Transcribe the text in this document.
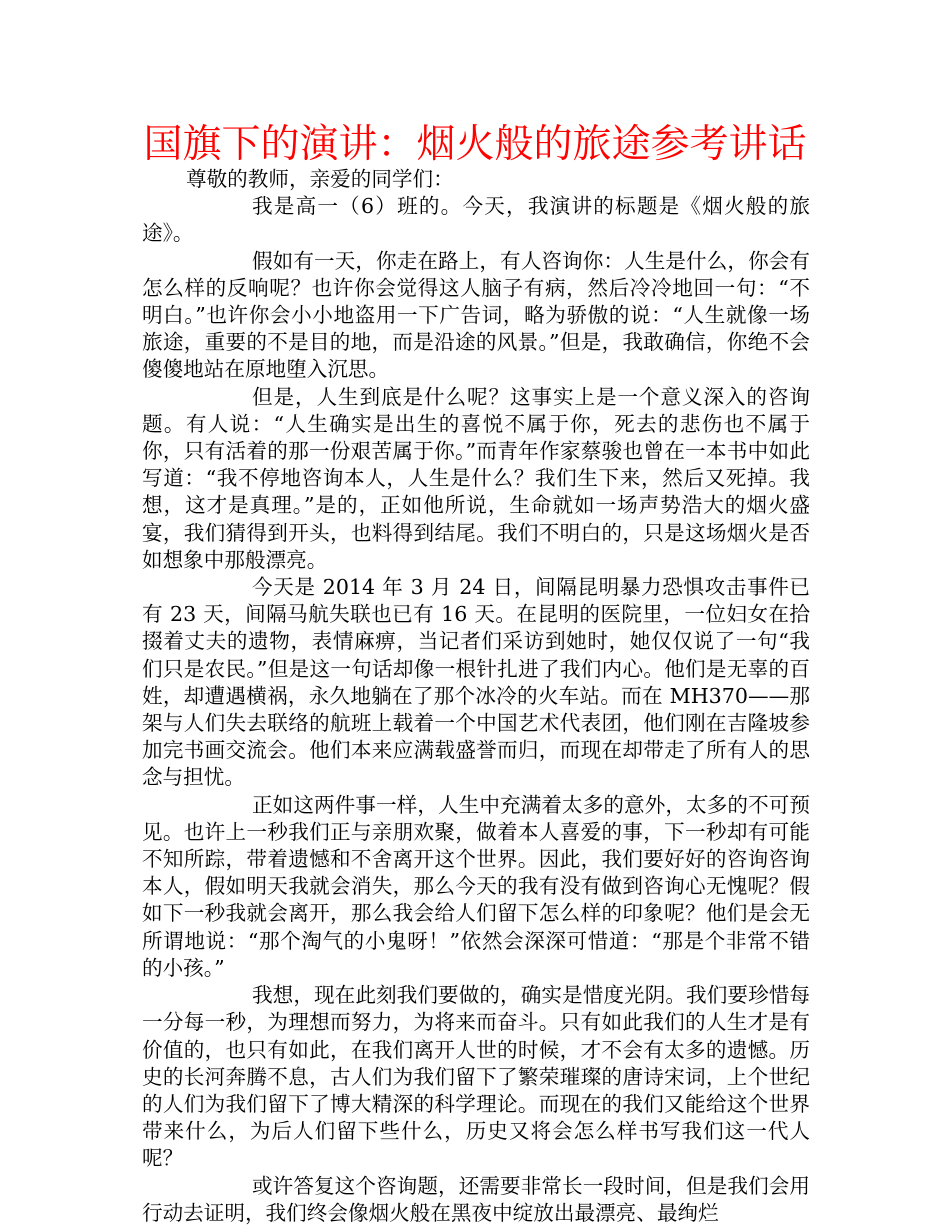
国旗下的演讲：烟火般的旅途参考讲话

尊敬的教师，亲爱的同学们：

我是高一（6）班的。今天，我演讲的标题是《烟火般的旅途》。

假如有一天，你走在路上，有人咨询你：人生是什么，你会有怎么样的反响呢？也许你会觉得这人脑子有病，然后冷冷地回一句：“不明白。”也许你会小小地盗用一下广告词，略为骄傲的说：“人生就像一场旅途，重要的不是目的地，而是沿途的风景。”但是，我敢确信，你绝不会傻傻地站在原地堕入沉思。

但是，人生到底是什么呢？这事实上是一个意义深入的咨询题。有人说：“人生确实是出生的喜悦不属于你，死去的悲伤也不属于你，只有活着的那一份艰苦属于你。”而青年作家蔡骏也曾在一本书中如此写道：“我不停地咨询本人，人生是什么？我们生下来，然后又死掉。我想，这才是真理。”是的，正如他所说，生命就如一场声势浩大的烟火盛宴，我们猜得到开头，也料得到结尾。我们不明白的，只是这场烟火是否如想象中那般漂亮。

今天是 2014 年 3 月 24 日，间隔昆明暴力恐惧攻击事件已有 23 天，间隔马航失联也已有 16 天。在昆明的医院里，一位妇女在拾掇着丈夫的遗物，表情麻痹，当记者们采访到她时，她仅仅说了一句“我们只是农民。”但是这一句话却像一根针扎进了我们内心。他们是无辜的百姓，却遭遇横祸，永久地躺在了那个冰冷的火车站。而在 MH370——那架与人们失去联络的航班上载着一个中国艺术代表团，他们刚在吉隆坡参加完书画交流会。他们本来应满载盛誉而归，而现在却带走了所有人的思念与担忧。

正如这两件事一样，人生中充满着太多的意外，太多的不可预见。也许上一秒我们正与亲朋欢聚，做着本人喜爱的事，下一秒却有可能不知所踪，带着遗憾和不舍离开这个世界。因此，我们要好好的咨询咨询本人，假如明天我就会消失，那么今天的我有没有做到咨询心无愧呢？假如下一秒我就会离开，那么我会给人们留下怎么样的印象呢？他们是会无所谓地说：“那个淘气的小鬼呀！”依然会深深可惜道：“那是个非常不错的小孩。”

我想，现在此刻我们要做的，确实是惜度光阴。我们要珍惜每一分每一秒，为理想而努力，为将来而奋斗。只有如此我们的人生才是有价值的，也只有如此，在我们离开人世的时候，才不会有太多的遗憾。历史的长河奔腾不息，古人们为我们留下了繁荣璀璨的唐诗宋词，上个世纪的人们为我们留下了博大精深的科学理论。而现在的我们又能给这个世界带来什么，为后人们留下些什么，历史又将会怎么样书写我们这一代人呢？

或许答复这个咨询题，还需要非常长一段时间，但是我们会用行动去证明，我们终会像烟火般在黑夜中绽放出最漂亮、最绚烂
